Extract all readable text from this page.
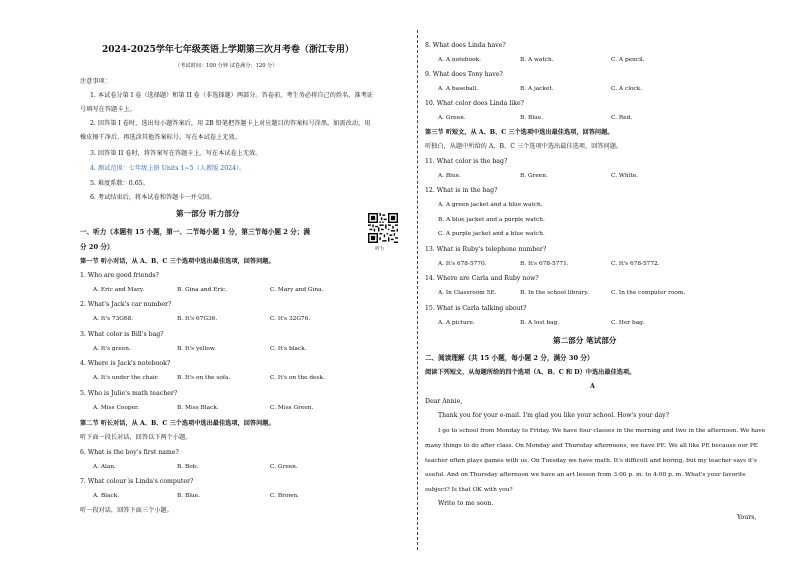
2024-2025学年七年级英语上学期第三次月考卷（浙江专用）
（考试时间：100 分钟 试卷满分：120 分）
注意事项：
1. 本试卷分第 I 卷（选择题）和第 II 卷（非选择题）两部分。答卷前，考生务必将自己的姓名、准考证
号填写在答题卡上。
2. 回答第 I 卷时，选出每小题答案后，用 2B 铅笔把答题卡上对应题目的答案标号涂黑。如需改动，用
橡皮擦干净后，再选涂其他答案标号。写在本试卷上无效。
3. 回答第 II 卷时，将答案写在答题卡上。写在本试卷上无效。
4. 测试范围：七年级上册 Units 1~5（人教版 2024）。
5. 难度系数：0.65。
6. 考试结束后，将本试卷和答题卡一并交回。
第一部分 听力部分
一、听力（本题有 15 小题，第一、二节每小题 1 分，第三节每小题 2 分；满
分 20 分）
第一节 听小对话，从 A、B、C 三个选项中选出最佳选项，回答问题。
1. Who are good friends?
A. Eric and Mary.	B. Gina and Eric.	C. Mary and Gina.
2. What's Jack's car number?
A. It's 73G68.	B. It's 67G36.	C. It's 32G76.
3. What color is Bill's bag?
A. It's green.	B. It's yellow.	C. It's black.
4. Where is Jack's notebook?
A. It's under the chair.	B. It's on the sofa.	C. It's on the desk.
5. Who is Julie's math teacher?
A. Miss Cooper.	B. Miss Black.	C. Miss Green.
第二节 听长对话，从 A、B、C 三个选项中选出最佳选项，回答问题。
听下面一段长对话，回答以下两个小题。
6. What is the boy's first name?
A. Alan.	B. Bob.	C. Green.
7. What colour is Linda's computer?
A. Black.	B. Blue.	C. Brown.
听一段对话，回答下面三个小题。
听力
8. What does Linda have?
A. A notebook.	B. A watch.	C. A pencil.
9. What does Tony have?
A. A baseball.	B. A jacket.	C. A clock.
10. What color does Linda like?
A. Green.	B. Blue.	C. Red.
第三节 听短文，从 A、B、C 三个选项中选出最佳选项，回答问题。
听独白，从题中所给的 A、B、C 三个选项中选出最佳选项，回答问题。
11. What color is the bag?
A. Blue.	B. Green.	C. White.
12. What is in the bag?
A. A green jacket and a blue watch.
B. A blue jacket and a purple watch.
C. A purple jacket and a blue watch.
13. What is Ruby's telephone number?
A. It's 678-5770.	B. It's 678-5771.	C. It's 678-5772.
14. Where are Carla and Ruby now?
A. In Classroom 5E.	B. In the school library.	C. In the computer room.
15. What is Carla talking about?
A. A picture.	B. A lost bag.	C. Her bag.
第二部分 笔试部分
二、阅读理解（共 15 小题，每小题 2 分，满分 30 分）
阅读下列短文，从每题所给的四个选项（A、B、C 和 D）中选出最佳选项。
A
Dear Annie,
Thank you for your e-mail. I'm glad you like your school. How's your day?
I go to school from Monday to Friday. We have four classes in the morning and two in the afternoon. We have
many things to do after class. On Monday and Thursday afternoons, we have PE. We all like PE because our PE
teacher often plays games with us. On Tuesday we have math. It's difficult and boring, but my teacher says it's
useful. And on Thursday afternoon we have an art lesson from 3:00 p. m. to 4:00 p. m. What's your favorite
subject? Is that OK with you?
Write to me soon.
Yours,
